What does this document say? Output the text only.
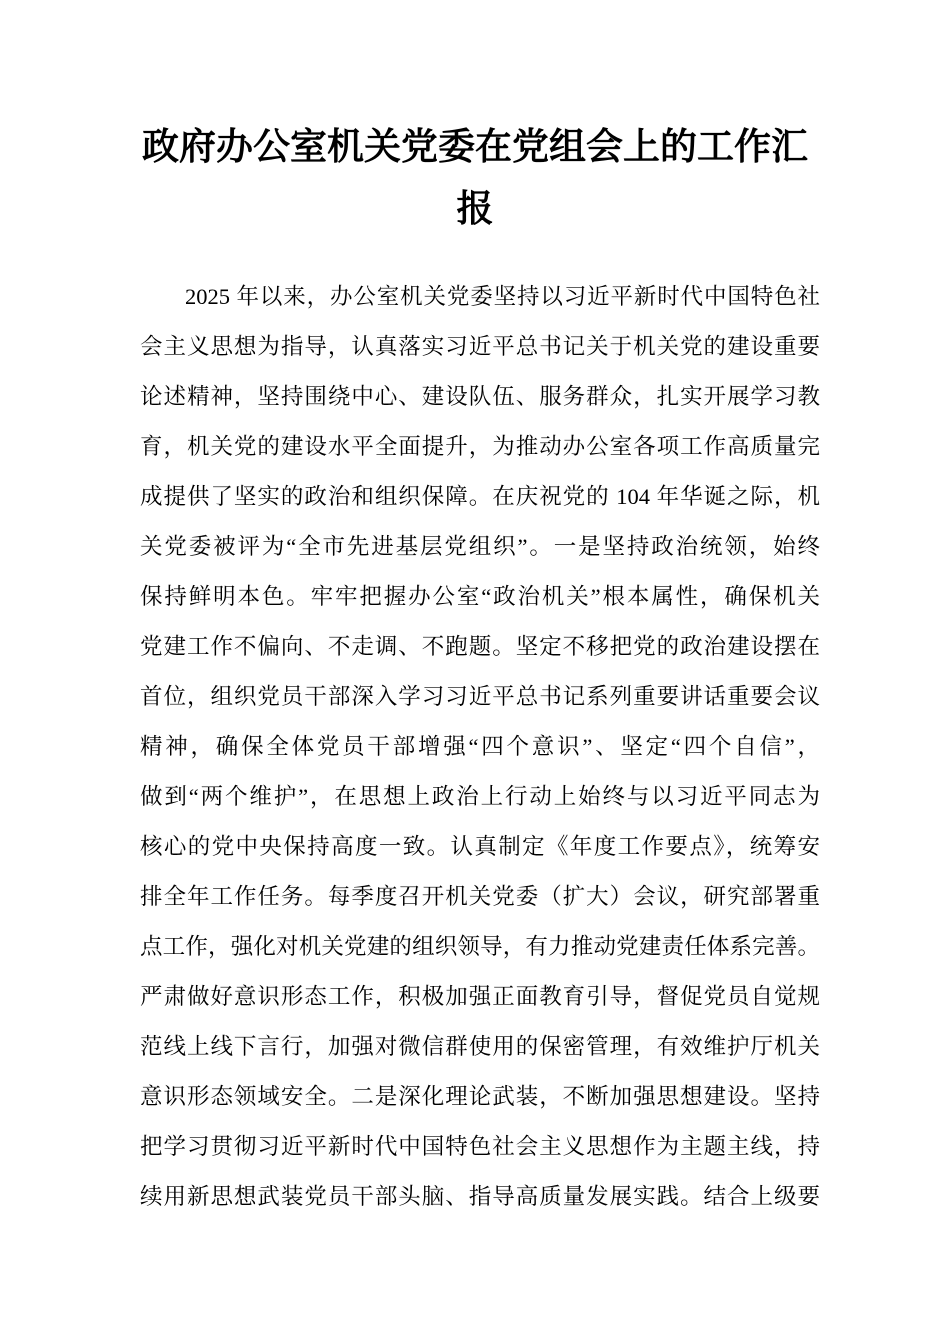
政府办公室机关党委在党组会上的工作汇报
2025 年以来，办公室机关党委坚持以习近平新时代中国特色社
会主义思想为指导，认真落实习近平总书记关于机关党的建设重要
论述精神，坚持围绕中心、建设队伍、服务群众，扎实开展学习教
育，机关党的建设水平全面提升，为推动办公室各项工作高质量完
成提供了坚实的政治和组织保障。在庆祝党的 104 年华诞之际，机
关党委被评为“全市先进基层党组织”。一是坚持政治统领，始终
保持鲜明本色。牢牢把握办公室“政治机关”根本属性，确保机关
党建工作不偏向、不走调、不跑题。坚定不移把党的政治建设摆在
首位，组织党员干部深入学习习近平总书记系列重要讲话重要会议
精神，确保全体党员干部增强“四个意识”、坚定“四个自信”，
做到“两个维护”，在思想上政治上行动上始终与以习近平同志为
核心的党中央保持高度一致。认真制定《年度工作要点》，统筹安
排全年工作任务。每季度召开机关党委（扩大）会议，研究部署重
点工作，强化对机关党建的组织领导，有力推动党建责任体系完善。
严肃做好意识形态工作，积极加强正面教育引导，督促党员自觉规
范线上线下言行，加强对微信群使用的保密管理，有效维护厅机关
意识形态领域安全。二是深化理论武装，不断加强思想建设。坚持
把学习贯彻习近平新时代中国特色社会主义思想作为主题主线，持
续用新思想武装党员干部头脑、指导高质量发展实践。结合上级要
